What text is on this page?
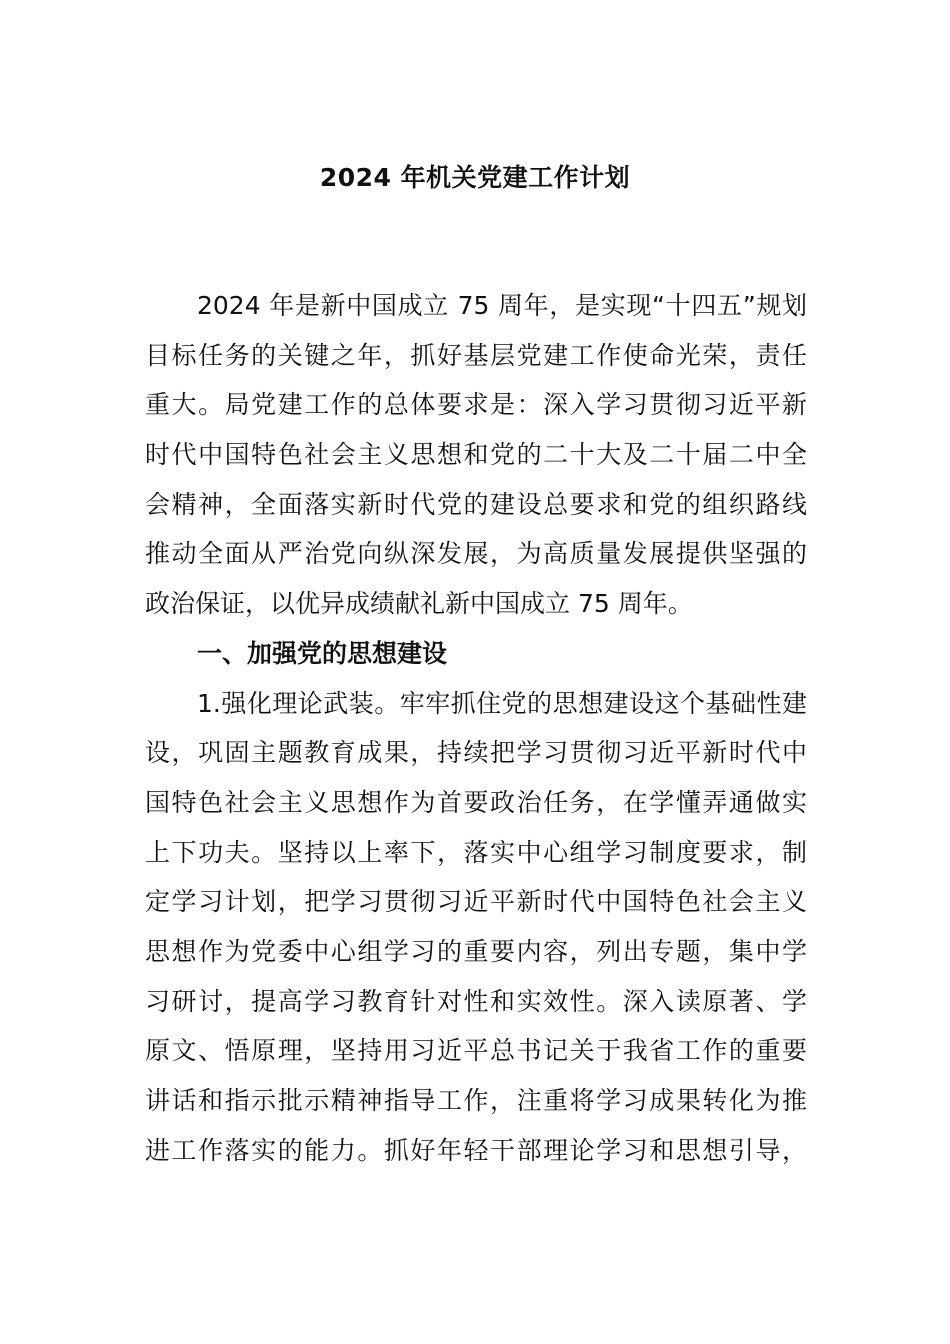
2024 年机关党建工作计划
2024 年是新中国成立 75 周年，是实现“十四五”规划
目标任务的关键之年，抓好基层党建工作使命光荣，责任
重大。局党建工作的总体要求是：深入学习贯彻习近平新
时代中国特色社会主义思想和党的二十大及二十届二中全
会精神，全面落实新时代党的建设总要求和党的组织路线
推动全面从严治党向纵深发展，为高质量发展提供坚强的
政治保证，以优异成绩献礼新中国成立 75 周年。
一、加强党的思想建设
1.强化理论武装。牢牢抓住党的思想建设这个基础性建
设，巩固主题教育成果，持续把学习贯彻习近平新时代中
国特色社会主义思想作为首要政治任务，在学懂弄通做实
上下功夫。坚持以上率下，落实中心组学习制度要求，制
定学习计划，把学习贯彻习近平新时代中国特色社会主义
思想作为党委中心组学习的重要内容，列出专题，集中学
习研讨，提高学习教育针对性和实效性。深入读原著、学
原文、悟原理，坚持用习近平总书记关于我省工作的重要
讲话和指示批示精神指导工作，注重将学习成果转化为推
进工作落实的能力。抓好年轻干部理论学习和思想引导，
